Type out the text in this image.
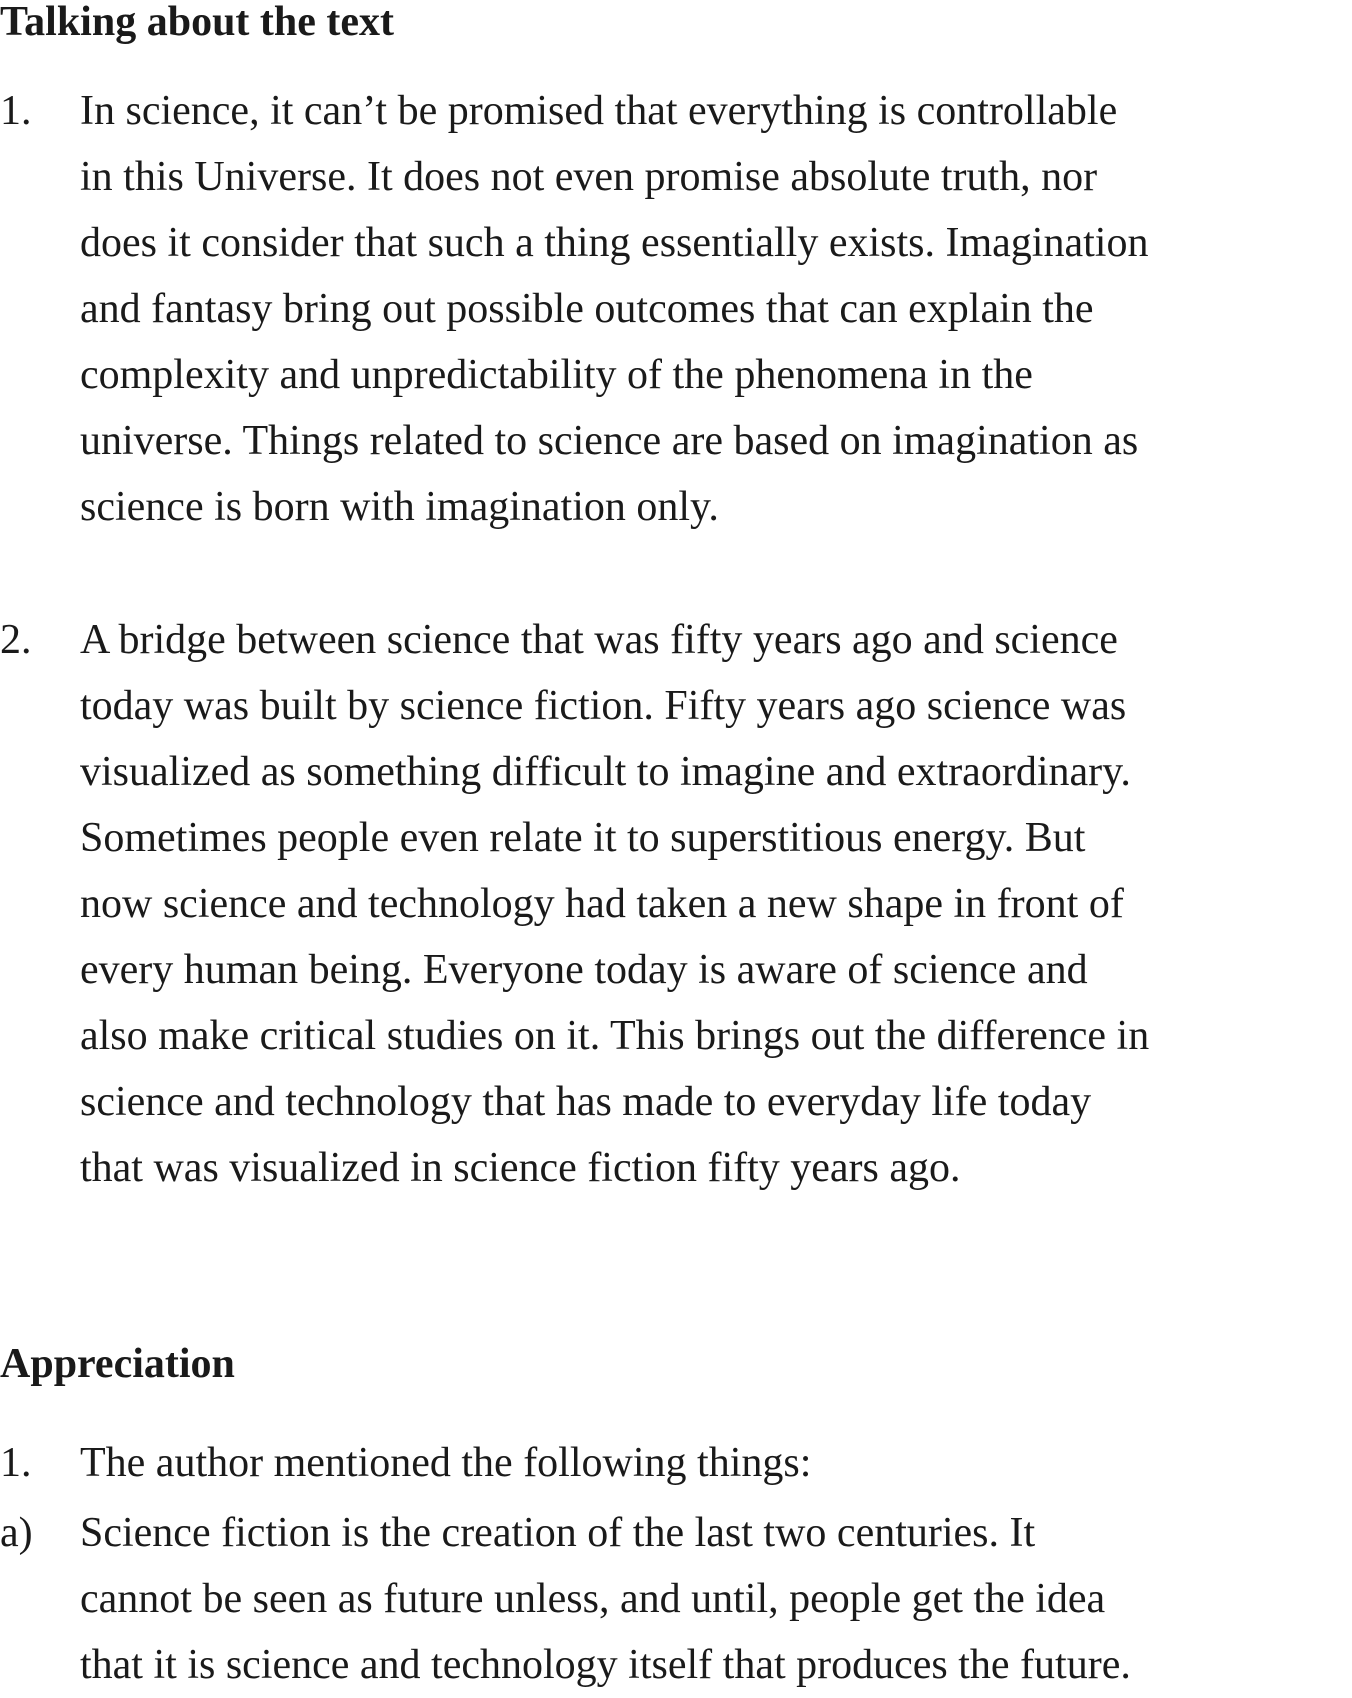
Talking about the text
1. In science, it can’t be promised that everything is controllable
in this Universe. It does not even promise absolute truth, nor
does it consider that such a thing essentially exists. Imagination
and fantasy bring out possible outcomes that can explain the
complexity and unpredictability of the phenomena in the
universe. Things related to science are based on imagination as
science is born with imagination only.

2. A bridge between science that was fifty years ago and science
today was built by science fiction. Fifty years ago science was
visualized as something difficult to imagine and extraordinary.
Sometimes people even relate it to superstitious energy. But
now science and technology had taken a new shape in front of
every human being. Everyone today is aware of science and
also make critical studies on it. This brings out the difference in
science and technology that has made to everyday life today
that was visualized in science fiction fifty years ago.

Appreciation
1. The author mentioned the following things:

a) Science fiction is the creation of the last two centuries. It
cannot be seen as future unless, and until, people get the idea
that it is science and technology itself that produces the future.
